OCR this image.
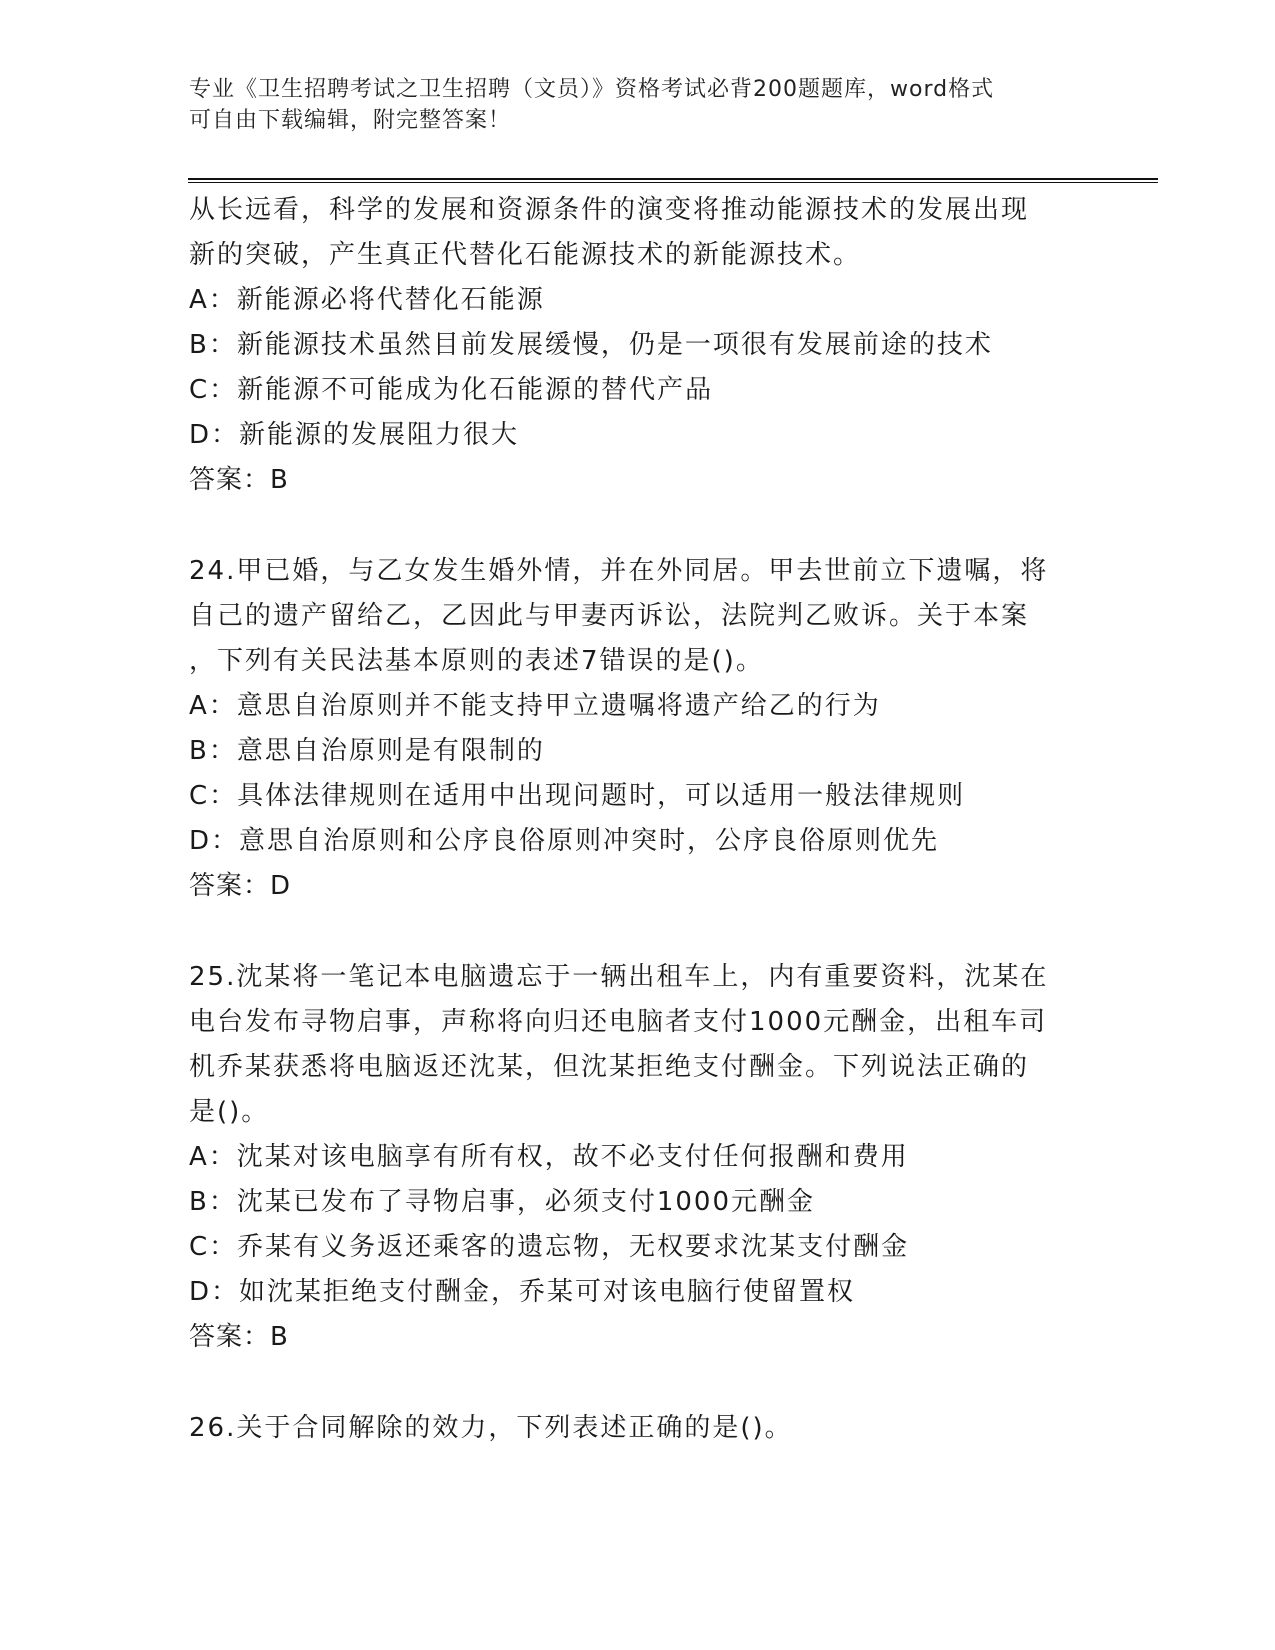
专业《卫生招聘考试之卫生招聘（文员）》资格考试必背200题题库，word格式
可自由下载编辑，附完整答案！
从长远看，科学的发展和资源条件的演变将推动能源技术的发展出现
新的突破，产生真正代替化石能源技术的新能源技术。
A：新能源必将代替化石能源
B：新能源技术虽然目前发展缓慢，仍是一项很有发展前途的技术
C：新能源不可能成为化石能源的替代产品
D：新能源的发展阻力很大
答案：B
24.甲已婚，与乙女发生婚外情，并在外同居。甲去世前立下遗嘱，将
自己的遗产留给乙，乙因此与甲妻丙诉讼，法院判乙败诉。关于本案
，下列有关民法基本原则的表述7错误的是()。
A：意思自治原则并不能支持甲立遗嘱将遗产给乙的行为
B：意思自治原则是有限制的
C：具体法律规则在适用中出现问题时，可以适用一般法律规则
D：意思自治原则和公序良俗原则冲突时，公序良俗原则优先
答案：D
25.沈某将一笔记本电脑遗忘于一辆出租车上，内有重要资料，沈某在
电台发布寻物启事，声称将向归还电脑者支付1000元酬金，出租车司
机乔某获悉将电脑返还沈某，但沈某拒绝支付酬金。下列说法正确的
是()。
A：沈某对该电脑享有所有权，故不必支付任何报酬和费用
B：沈某已发布了寻物启事，必须支付1000元酬金
C：乔某有义务返还乘客的遗忘物，无权要求沈某支付酬金
D：如沈某拒绝支付酬金，乔某可对该电脑行使留置权
答案：B
26.关于合同解除的效力，下列表述正确的是()。
